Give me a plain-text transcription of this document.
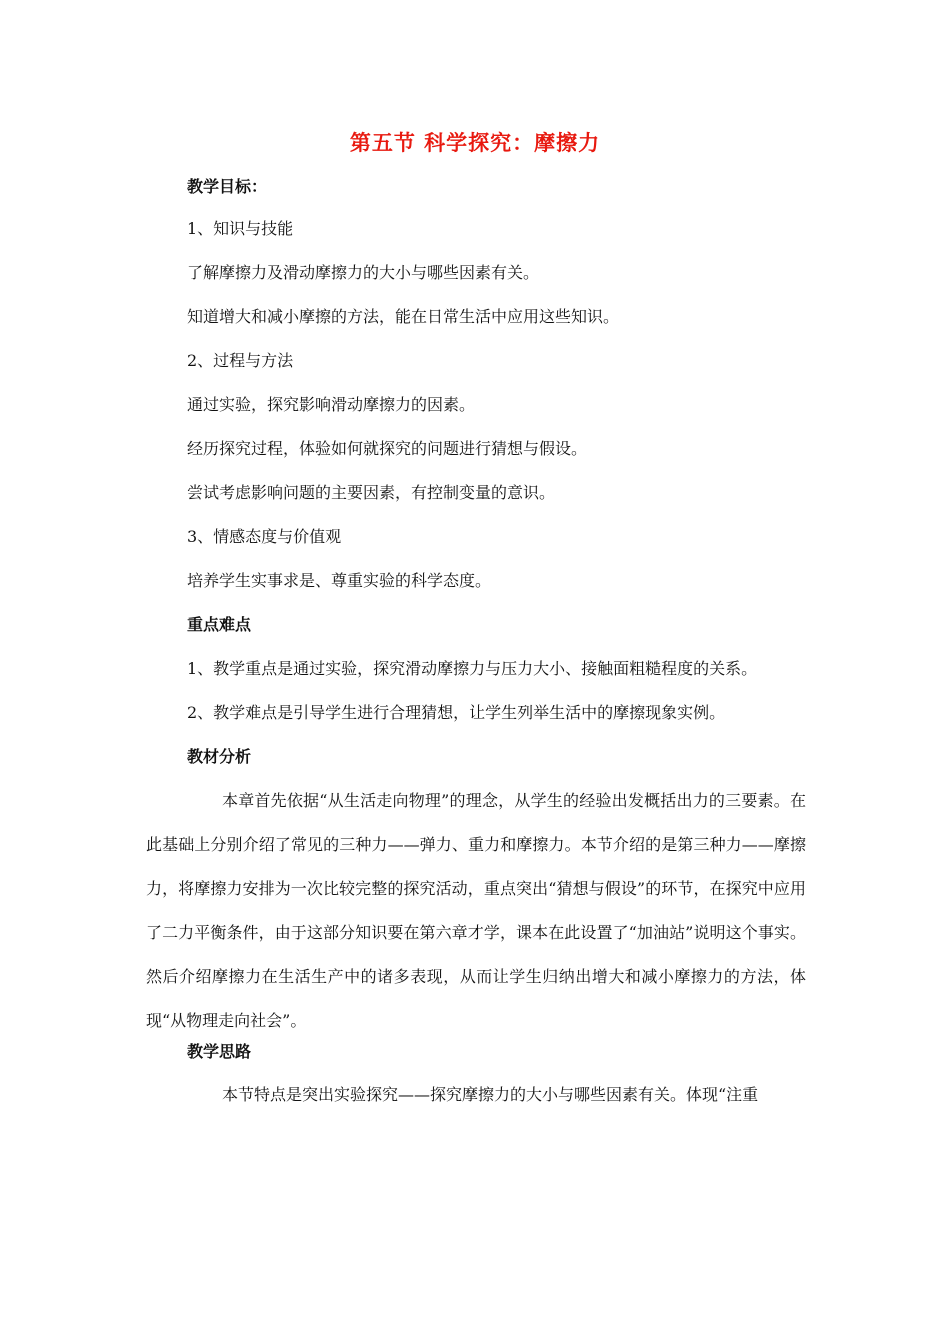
第五节 科学探究：摩擦力
教学目标：
1、知识与技能
了解摩擦力及滑动摩擦力的大小与哪些因素有关。
知道增大和减小摩擦的方法，能在日常生活中应用这些知识。
2、过程与方法
通过实验，探究影响滑动摩擦力的因素。
经历探究过程，体验如何就探究的问题进行猜想与假设。
尝试考虑影响问题的主要因素，有控制变量的意识。
3、情感态度与价值观
培养学生实事求是、尊重实验的科学态度。
重点难点
1、教学重点是通过实验，探究滑动摩擦力与压力大小、接触面粗糙程度的关系。
2、教学难点是引导学生进行合理猜想，让学生列举生活中的摩擦现象实例。
教材分析

本章首先依据“从生活走向物理”的理念，从学生的经验出发概括出力的三要素。在此基础上分别介绍了常见的三种力——弹力、重力和摩擦力。本节介绍的是第三种力——摩擦力，将摩擦力安排为一次比较完整的探究活动，重点突出“猜想与假设”的环节，在探究中应用了二力平衡条件，由于这部分知识要在第六章才学，课本在此设置了“加油站”说明这个事实。然后介绍摩擦力在生活生产中的诸多表现，从而让学生归纳出增大和减小摩擦力的方法，体现“从物理走向社会”。

教学思路

本节特点是突出实验探究——探究摩擦力的大小与哪些因素有关。体现“注重
